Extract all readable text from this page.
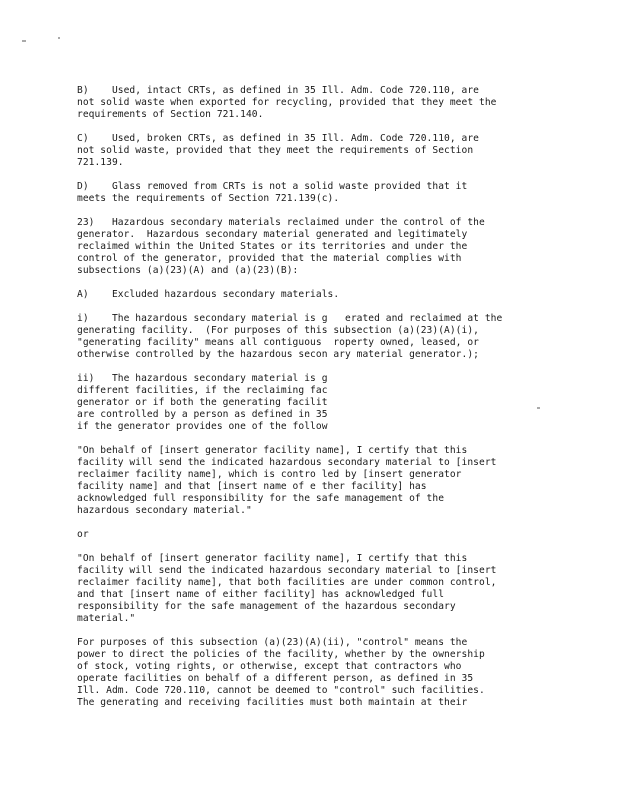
B)    Used, intact CRTs, as defined in 35 Ill. Adm. Code 720.110, are
not solid waste when exported for recycling, provided that they meet the
requirements of Section 721.140.
C)    Used, broken CRTs, as defined in 35 Ill. Adm. Code 720.110, are
not solid waste, provided that they meet the requirements of Section
721.139.
D)    Glass removed from CRTs is not a solid waste provided that it
meets the requirements of Section 721.139(c).
23)   Hazardous secondary materials reclaimed under the control of the
generator.  Hazardous secondary material generated and legitimately
reclaimed within the United States or its territories and under the
control of the generator, provided that the material complies with
subsections (a)(23)(A) and (a)(23)(B):
A)    Excluded hazardous secondary materials.
i)    The hazardous secondary material is g   erated and reclaimed at the
generating facility.  (For purposes of this subsection (a)(23)(A)(i),
"generating facility" means all contiguous  roperty owned, leased, or
otherwise controlled by the hazardous secon ary material generator.);
ii)   The hazardous secondary material is g
different facilities, if the reclaiming fac
generator or if both the generating facilit
are controlled by a person as defined in 35
if the generator provides one of the follow
"On behalf of [insert generator facility name], I certify that this
facility will send the indicated hazardous secondary material to [insert
reclaimer facility name], which is contro led by [insert generator
facility name] and that [insert name of e ther facility] has
acknowledged full responsibility for the safe management of the
hazardous secondary material."
or
"On behalf of [insert generator facility name], I certify that this
facility will send the indicated hazardous secondary material to [insert
reclaimer facility name], that both facilities are under common control,
and that [insert name of either facility] has acknowledged full
responsibility for the safe management of the hazardous secondary
material."
For purposes of this subsection (a)(23)(A)(ii), "control" means the
power to direct the policies of the facility, whether by the ownership
of stock, voting rights, or otherwise, except that contractors who
operate facilities on behalf of a different person, as defined in 35
Ill. Adm. Code 720.110, cannot be deemed to "control" such facilities.
The generating and receiving facilities must both maintain at their
